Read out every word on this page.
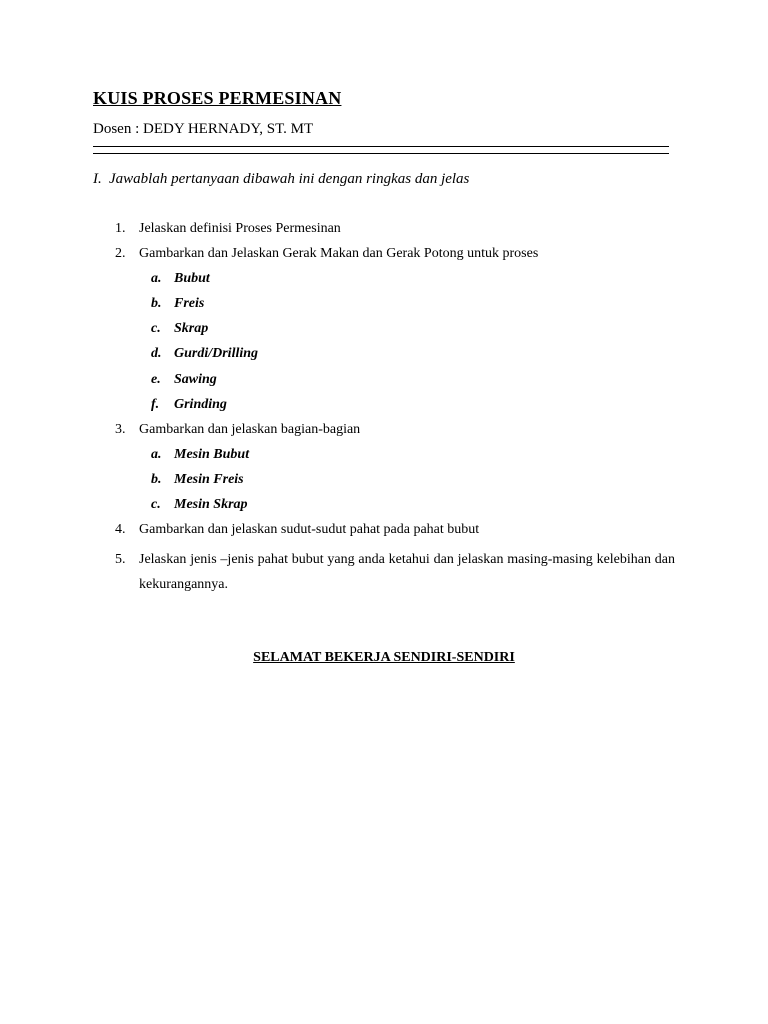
KUIS PROSES PERMESINAN
Dosen : DEDY HERNADY, ST. MT
I. Jawablah pertanyaan dibawah ini dengan ringkas dan jelas
1. Jelaskan definisi Proses Permesinan
2. Gambarkan dan Jelaskan Gerak Makan dan Gerak Potong untuk proses
a. Bubut
b. Freis
c. Skrap
d. Gurdi/Drilling
e. Sawing
f. Grinding
3. Gambarkan dan jelaskan bagian-bagian
a. Mesin Bubut
b. Mesin Freis
c. Mesin Skrap
4. Gambarkan dan jelaskan sudut-sudut pahat pada pahat bubut
5. Jelaskan jenis –jenis pahat bubut yang anda ketahui dan jelaskan masing-masing kelebihan dan kekurangannya.
SELAMAT BEKERJA SENDIRI-SENDIRI
